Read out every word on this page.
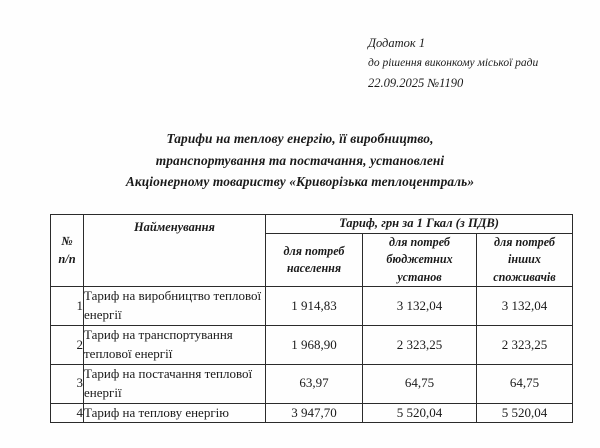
Додаток 1
до рішення виконкому міської ради
22.09.2025 №1190
Тарифи на теплову енергію, її виробництво,
транспортування та постачання, установлені
Акціонерному товариству «Криворізька теплоцентраль»
№
п/п	Найменування	Тариф, грн за 1 Гкал (з ПДВ)		
		для потреб населення	для потреб бюджетних установ	для потреб інших споживачів
1	Тариф на виробництво теплової енергії	1 914,83	3 132,04	3 132,04
2	Тариф на транспортування теплової енергії	1 968,90	2 323,25	2 323,25
3	Тариф на постачання теплової енергії	63,97	64,75	64,75
4	Тариф на теплову енергію	3 947,70	5 520,04	5 520,04
